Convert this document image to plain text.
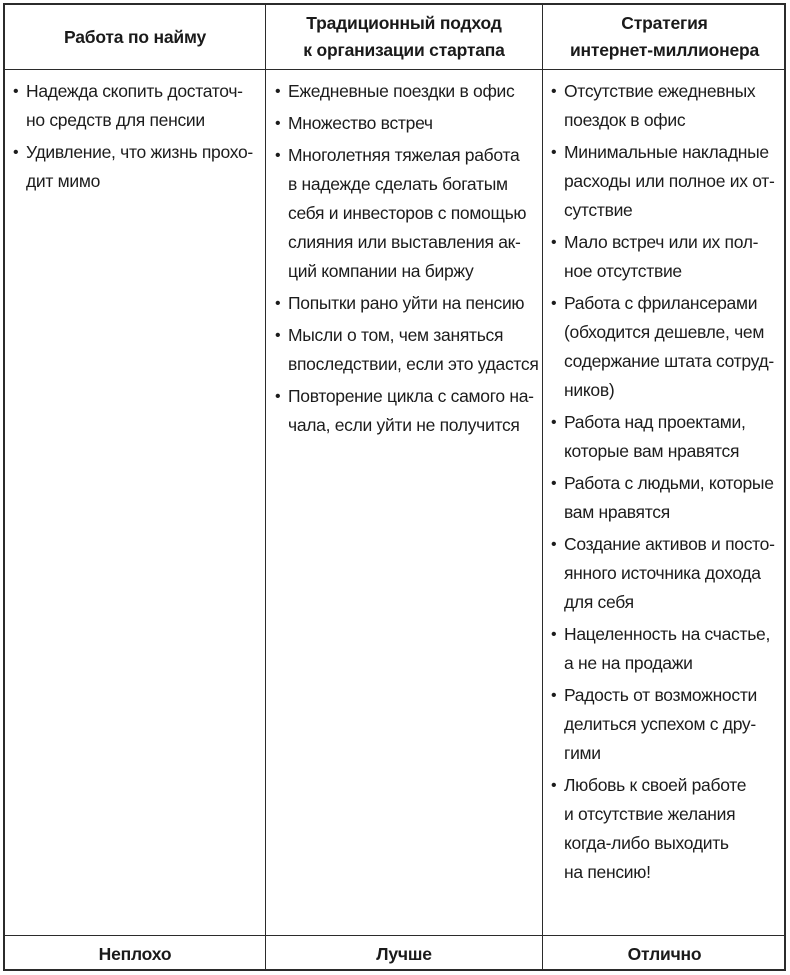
Работа по найму
Традиционный подход
к организации стартапа
Стратегия
интернет-миллионера
• Надежда скопить достаточ-
но средств для пенсии
• Удивление, что жизнь прохо-
дит мимо
• Ежедневные поездки в офис
• Множество встреч
• Многолетняя тяжелая работа
в надежде сделать богатым
себя и инвесторов с помощью
слияния или выставления ак-
ций компании на биржу
• Попытки рано уйти на пенсию
• Мысли о том, чем заняться
впоследствии, если это удастся
• Повторение цикла с самого на-
чала, если уйти не получится
• Отсутствие ежедневных
поездок в офис
• Минимальные накладные
расходы или полное их от-
сутствие
• Мало встреч или их пол-
ное отсутствие
• Работа с фрилансерами
(обходится дешевле, чем
содержание штата сотруд-
ников)
• Работа над проектами,
которые вам нравятся
• Работа с людьми, которые
вам нравятся
• Создание активов и посто-
янного источника дохода
для себя
• Нацеленность на счастье,
а не на продажи
• Радость от возможности
делиться успехом с дру-
гими
• Любовь к своей работе
и отсутствие желания
когда-либо выходить
на пенсию!
Неплохо	Лучше	Отлично
